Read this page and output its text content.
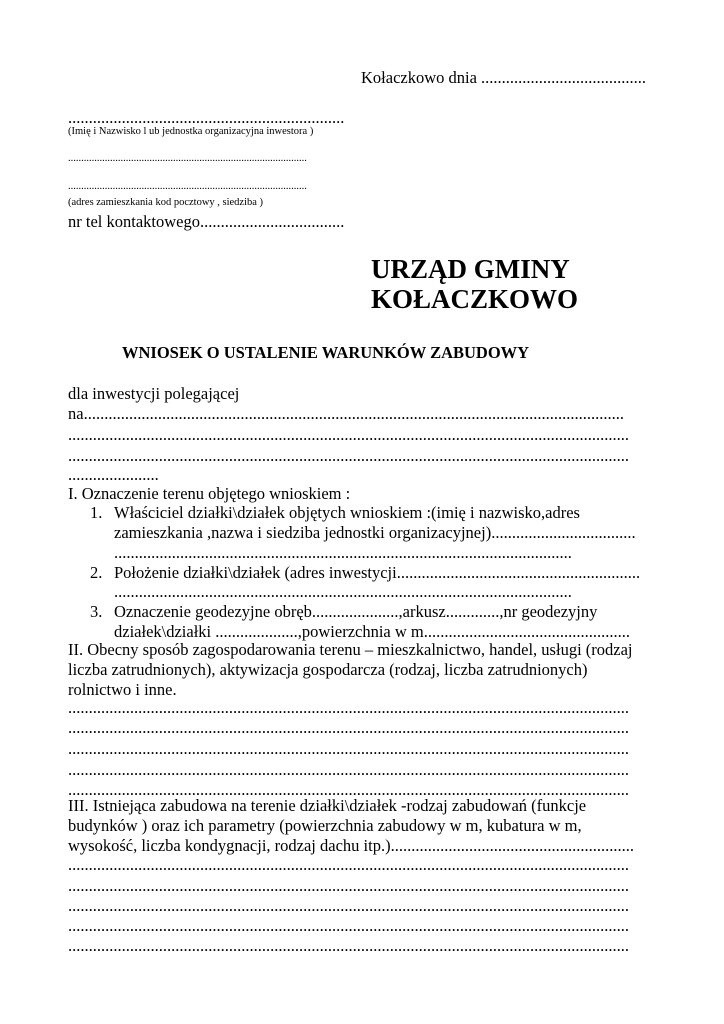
Kołaczkowo dnia ........................................
...................................................................
(Imię i Nazwisko l ub jednostka organizacyjna inwestora )
...........................................................................................
...........................................................................................
(adres zamieszkania kod pocztowy , siedziba )
nr tel kontaktowego...................................
URZĄD GMINY
KOŁACZKOWO
WNIOSEK O USTALENIE WARUNKÓW ZABUDOWY
dla inwestycji polegającej
na...................................................................................................................................
........................................................................................................................................
........................................................................................................................................
......................
I. Oznaczenie terenu objętego wnioskiem :
1. Właściciel działki\działek objętych wnioskiem :(imię i nazwisko,adres
zamieszkania ,nazwa i siedziba jednostki organizacyjnej)...................................
...............................................................................................................
2. Położenie działki\działek (adres inwestycji...........................................................
...............................................................................................................
3. Oznaczenie geodezyjne obręb.....................,arkusz.............,nr geodezyjny
działek\działki ....................,powierzchnia w m..................................................
II. Obecny sposób zagospodarowania terenu – mieszkalnictwo, handel, usługi (rodzaj
liczba zatrudnionych), aktywizacja gospodarcza (rodzaj, liczba zatrudnionych)
rolnictwo i inne.
........................................................................................................................................
........................................................................................................................................
........................................................................................................................................
........................................................................................................................................
........................................................................................................................................
III. Istniejąca zabudowa na terenie działki\działek -rodzaj zabudowań (funkcje
budynków ) oraz ich parametry (powierzchnia zabudowy w m, kubatura w m,
wysokość, liczba kondygnacji, rodzaj dachu itp.)...........................................................
........................................................................................................................................
........................................................................................................................................
........................................................................................................................................
........................................................................................................................................
........................................................................................................................................
